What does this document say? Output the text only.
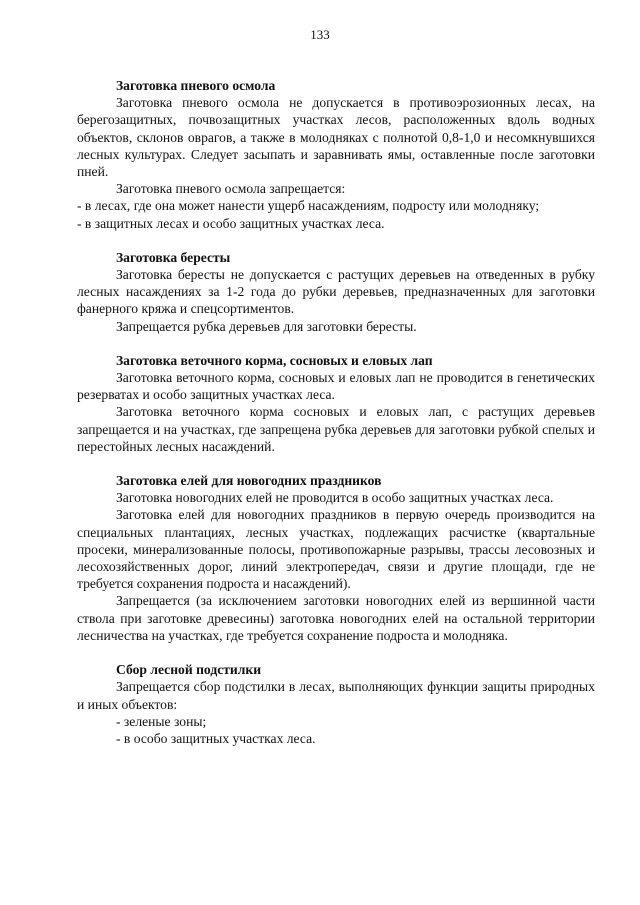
133
Заготовка пневого осмола

Заготовка пневого осмола не допускается в противоэрозионных лесах, на берегозащитных, почвозащитных участках лесов, расположенных вдоль водных объектов, склонов оврагов, а также в молодняках с полнотой 0,8-1,0 и несомкнувшихся лесных культурах. Следует засыпать и заравнивать ямы, оставленные после заготовки пней.

Заготовка пневого осмола запрещается:

- в лесах, где она может нанести ущерб насаждениям, подросту или молодняку;

- в защитных лесах и особо защитных участках леса.

Заготовка бересты

Заготовка бересты не допускается с растущих деревьев на отведенных в рубку лесных насаждениях за 1-2 года до рубки деревьев, предназначенных для заготовки фанерного кряжа и спецсортиментов.

Запрещается рубка деревьев для заготовки бересты.

Заготовка веточного корма, сосновых и еловых лап

Заготовка веточного корма, сосновых и еловых лап не проводится в генетических резерватах и особо защитных участках леса.

Заготовка веточного корма сосновых и еловых лап, с растущих деревьев запрещается и на участках, где запрещена рубка деревьев для заготовки рубкой спелых и перестойных лесных насаждений.

Заготовка елей для новогодних праздников

Заготовка новогодних елей не проводится в особо защитных участках леса.

Заготовка елей для новогодних праздников в первую очередь производится на специальных плантациях, лесных участках, подлежащих расчистке (квартальные просеки, минерализованные полосы, противопожарные разрывы, трассы лесовозных и лесохозяйственных дорог, линий электропередач, связи и другие площади, где не требуется сохранения подроста и насаждений).

Запрещается (за исключением заготовки новогодних елей из вершинной части ствола при заготовке древесины) заготовка новогодних елей на остальной территории лесничества на участках, где требуется сохранение подроста и молодняка.

Сбор лесной подстилки

Запрещается сбор подстилки в лесах, выполняющих функции защиты природных и иных объектов:

- зеленые зоны;

- в особо защитных участках леса.
